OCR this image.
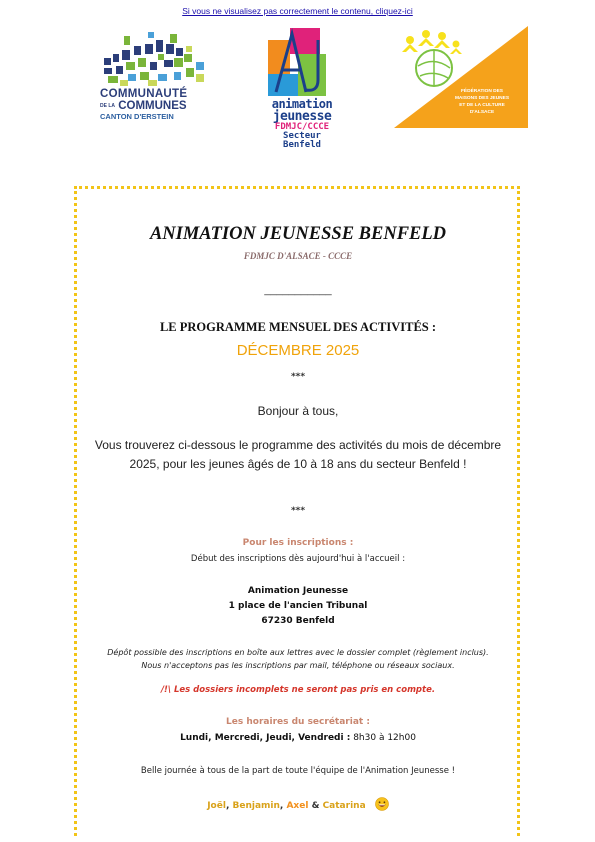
Si vous ne visualisez pas correctement le contenu, cliquez-ici
COMMUNAUTÉ
DE LA COMMUNES
CANTON D'ERSTEIN
animation
jeunesse
FDMJC/CCCE
Secteur Benfeld
FÉDÉRATION DES
MAISONS DES JEUNES
ET DE LA CULTURE
D'ALSACE
ANIMATION JEUNESSE BENFELD
FDMJC D'ALSACE - CCCE
___________
LE PROGRAMME MENSUEL DES ACTIVITÉS :
DÉCEMBRE 2025
***
Bonjour à tous,
Vous trouverez ci-dessous le programme des activités du mois de décembre 2025, pour les jeunes âgés de 10 à 18 ans du secteur Benfeld !
***
Pour les inscriptions :
Début des inscriptions dès aujourd'hui à l'accueil :
Animation Jeunesse
1 place de l'ancien Tribunal
67230 Benfeld
Dépôt possible des inscriptions en boîte aux lettres avec le dossier complet (règlement inclus).
Nous n'acceptons pas les inscriptions par mail, téléphone ou réseaux sociaux.
/!\ Les dossiers incomplets ne seront pas pris en compte.
Les horaires du secrétariat :
Lundi, Mercredi, Jeudi, Vendredi : 8h30 à 12h00
Belle journée à tous de la part de toute l'équipe de l'Animation Jeunesse !
Joël, Benjamin, Axel & Catarina
